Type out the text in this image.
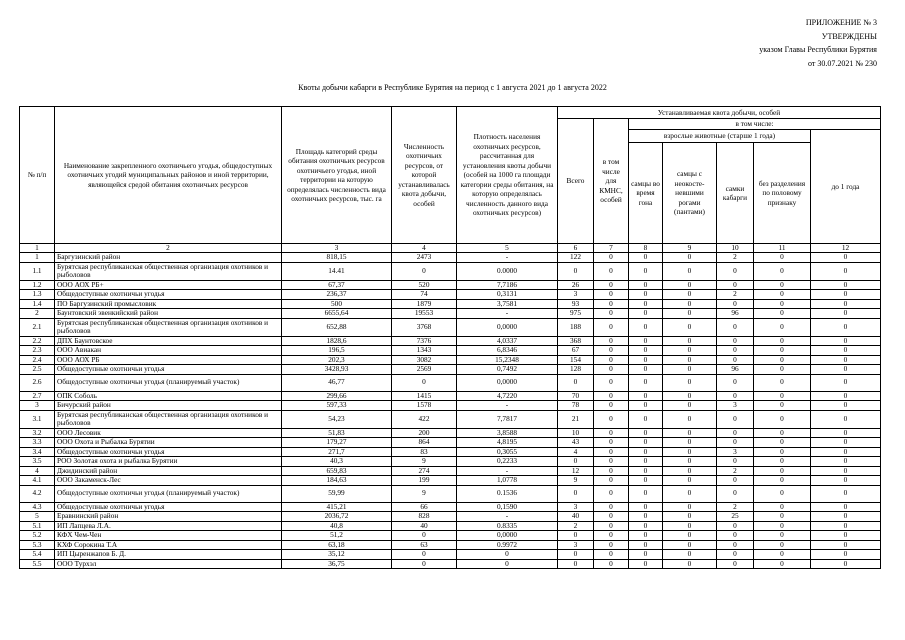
ПРИЛОЖЕНИЕ № 3
УТВЕРЖДЕНЫ
указом Главы Республики Бурятия
от 30.07.2021 № 230
Квоты добычи кабарги в Республике Бурятия на период с 1 августа 2021 до 1 августа 2022
№ п/п	Наименование закрепленного охотничьего угодья, общедоступных охотничьих угодий муниципальных районов и иной территории, являющейся средой обитания охотничьих ресурсов	Площадь категорий среды обитания охотничьих ресурсов охотничьего угодья, иной территории на которую определялась численность вида охотничьих ресурсов, тыс. га	Численность охотничьих ресурсов, от которой устанавливалась квота добычи, особей	Плотность населения охотничьих ресурсов, рассчитанная для установления квоты добычи (особей на 1000 га площади категории среды обитания, на которую определялась численность данного вида охотничьих ресурсов)	Устанавливаемая квота добычи, особей						
					Всего	в том числе для КМНС, особей	в том числе:				
							взрослые животные (старше 1 года)				до 1 года
							самцы во время гона	самцы с неокосте-невшими рогами (пантами)	самки кабарги	без разделения по половому признаку	
1	2	3	4	5	6	7	8	9	10	11	12
1	Баргузинский район	818,15	2473	-	122	0	0	0	2	0	0
1.1	Бурятская республиканская общественная организация охотников и рыболовов	14.41	0	0.0000	0	0	0	0	0	0	0
1.2	ООО АОХ РБ+	67,37	520	7,7186	26	0	0	0	0	0	0
1.3	Общедоступные охотничьи угодья	236,37	74	0,3131	3	0	0	0	2	0	0
1.4	ПО Баргузинский промысловик	500	1879	3,7581	93	0	0	0	0	0	0
2	Баунтовский эвенкийский район	6655,64	19553	-	975	0	0	0	96	0	0
2.1	Бурятская республиканская общественная организация охотников и рыболовов	652,88	3768	0,0000	188	0	0	0	0	0	0
2.2	ДПХ Баунтовское	1828,6	7376	4,0337	368	0	0	0	0	0	0
2.3	ООО Авиакан	196,5	1343	6,8346	67	0	0	0	0	0	0
2.4	ООО АОХ РБ	202,3	3082	15,2348	154	0	0	0	0	0	0
2.5	Общедоступные охотничьи угодья	3428,93	2569	0,7492	128	0	0	0	96	0	0
2.6	Общедоступные охотничьи угодья (планируемый участок)	46,77	0	0,0000	0	0	0	0	0	0	0
2.7	ОПК Соболь	299,66	1415	4,7220	70	0	0	0	0	0	0
3	Бичурский район	597,33	1578	-	78	0	0	0	3	0	0
3.1	Бурятская республиканская общественная организация охотников и рыболовов	54,23	422	7,7817	21	0	0	0	0	0	0
3.2	ООО Лесовик	51,83	200	3,8588	10	0	0	0	0	0	0
3.3	ООО Охота и Рыбалка Бурятии	179,27	864	4,8195	43	0	0	0	0	0	0
3.4	Общедоступные охотничьи угодья	271,7	83	0,3055	4	0	0	0	3	0	0
3.5	РОО Золотая охота и рыбалка Бурятии	40,3	9	0,2233	0	0	0	0	0	0	0
4	Джидинский район	659,83	274	-	12	0	0	0	2	0	0
4.1	ООО Закаменск-Лес	184,63	199	1,0778	9	0	0	0	0	0	0
4.2	Общедоступные охотничьи угодья (планируемый участок)	59,99	9	0.1536	0	0	0	0	0	0	0
4.3	Общедоступные охотничьи угодья	415,21	66	0,1590	3	0	0	0	2	0	0
5	Еравнинский район	2036,72	828	-	40	0	0	0	25	0	0
5.1	ИП Лапцева Л.А.	40,8	40	0.8335	2	0	0	0	0	0	0
5.2	КФХ Чем-Чен	51,2	0	0,0000	0	0	0	0	0	0	0
5.3	КХФ Сорокина Т.А	63,18	63	0.9972	3	0	0	0	0	0	0
5.4	ИП Цыренжапов Б. Д.	35,12	0	0	0	0	0	0	0	0	0
5.5	ООО Турхэл	36,75	0	0	0	0	0	0	0	0	0
